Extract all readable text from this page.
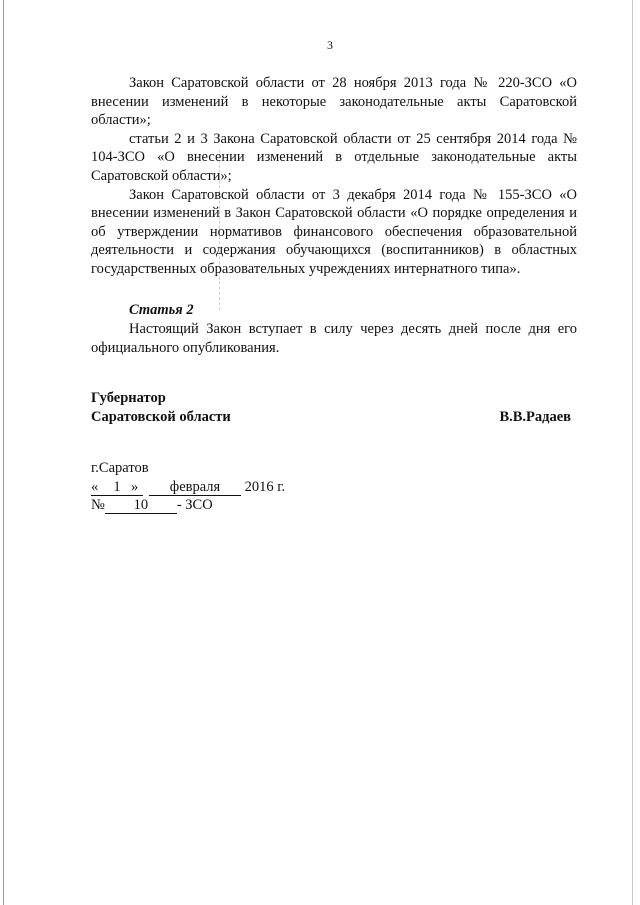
3

Закон Саратовской области от 28 ноября 2013 года № 220-ЗСО «О внесении изменений в некоторые законодательные акты Саратовской области»;

статьи 2 и 3 Закона Саратовской области от 25 сентября 2014 года № 104-ЗСО «О внесении изменений в отдельные законодательные акты Саратовской области»;

Закон Саратовской области от 3 декабря 2014 года № 155-ЗСО «О внесении изменений в Закон Саратовской области «О порядке определения и об утверждении нормативов финансового обеспечения образовательной деятельности и содержания обучающихся (воспитанников) в областных государственных образовательных учреждениях интернатного типа».

Статья 2

Настоящий Закон вступает в силу через десять дней после дня его официального опубликования.

Губернатор
Саратовской области	В.В.Радаев
г.Саратов
« 1 » февраля 2016 г.
№ 10 - ЗСО
